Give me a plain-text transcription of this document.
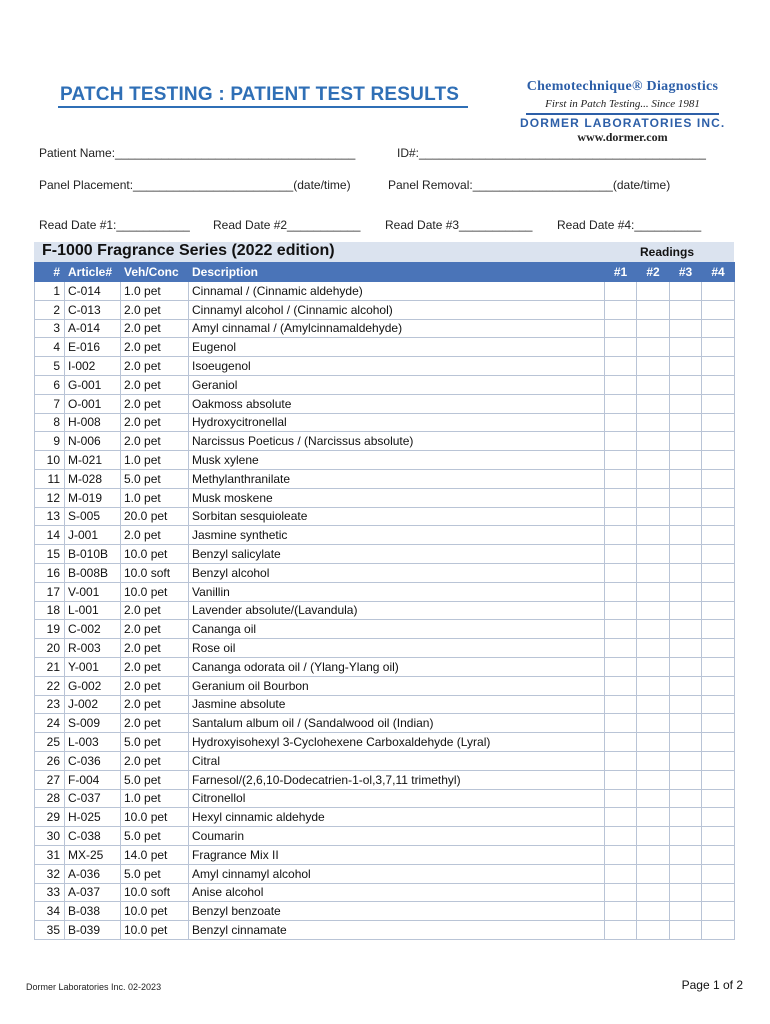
PATCH TESTING : PATIENT TEST RESULTS	Chemotechnique® Diagnostics
First in Patch Testing... Since 1981
DORMER LABORATORIES INC.
www.dormer.com
Patient Name:____________________________________	ID#:___________________________________________
Panel Placement:________________________(date/time)	Panel Removal:_____________________(date/time)
Read Date #1:___________ Read Date #2___________ Read Date #3___________ Read Date #4:__________
F-1000 Fragrance Series (2022 edition)	Readings
#	Article#	Veh/Conc	Description	#1	#2	#3	#4
1	C-014	1.0 pet	Cinnamal / (Cinnamic aldehyde)				
2	C-013	2.0 pet	Cinnamyl alcohol / (Cinnamic alcohol)				
3	A-014	2.0 pet	Amyl cinnamal / (Amylcinnamaldehyde)				
4	E-016	2.0 pet	Eugenol				
5	I-002	2.0 pet	Isoeugenol				
6	G-001	2.0 pet	Geraniol				
7	O-001	2.0 pet	Oakmoss absolute				
8	H-008	2.0 pet	Hydroxycitronellal				
9	N-006	2.0 pet	Narcissus Poeticus / (Narcissus absolute)				
10	M-021	1.0 pet	Musk xylene				
11	M-028	5.0 pet	Methylanthranilate				
12	M-019	1.0 pet	Musk moskene				
13	S-005	20.0 pet	Sorbitan sesquioleate				
14	J-001	2.0 pet	Jasmine synthetic				
15	B-010B	10.0 pet	Benzyl salicylate				
16	B-008B	10.0 soft	Benzyl alcohol				
17	V-001	10.0 pet	Vanillin				
18	L-001	2.0 pet	Lavender absolute/(Lavandula)				
19	C-002	2.0 pet	Cananga oil				
20	R-003	2.0 pet	Rose oil				
21	Y-001	2.0 pet	Cananga odorata oil / (Ylang-Ylang oil)				
22	G-002	2.0 pet	Geranium oil Bourbon				
23	J-002	2.0 pet	Jasmine absolute				
24	S-009	2.0 pet	Santalum album oil / (Sandalwood oil (Indian)				
25	L-003	5.0 pet	Hydroxyisohexyl 3-Cyclohexene Carboxaldehyde (Lyral)				
26	C-036	2.0 pet	Citral				
27	F-004	5.0 pet	Farnesol/(2,6,10-Dodecatrien-1-ol,3,7,11 trimethyl)				
28	C-037	1.0 pet	Citronellol				
29	H-025	10.0 pet	Hexyl cinnamic aldehyde				
30	C-038	5.0 pet	Coumarin				
31	MX-25	14.0 pet	Fragrance Mix II				
32	A-036	5.0 pet	Amyl cinnamyl alcohol				
33	A-037	10.0 soft	Anise alcohol				
34	B-038	10.0 pet	Benzyl benzoate				
35	B-039	10.0 pet	Benzyl cinnamate				
Dormer Laboratories Inc. 02-2023	Page 1 of 2
